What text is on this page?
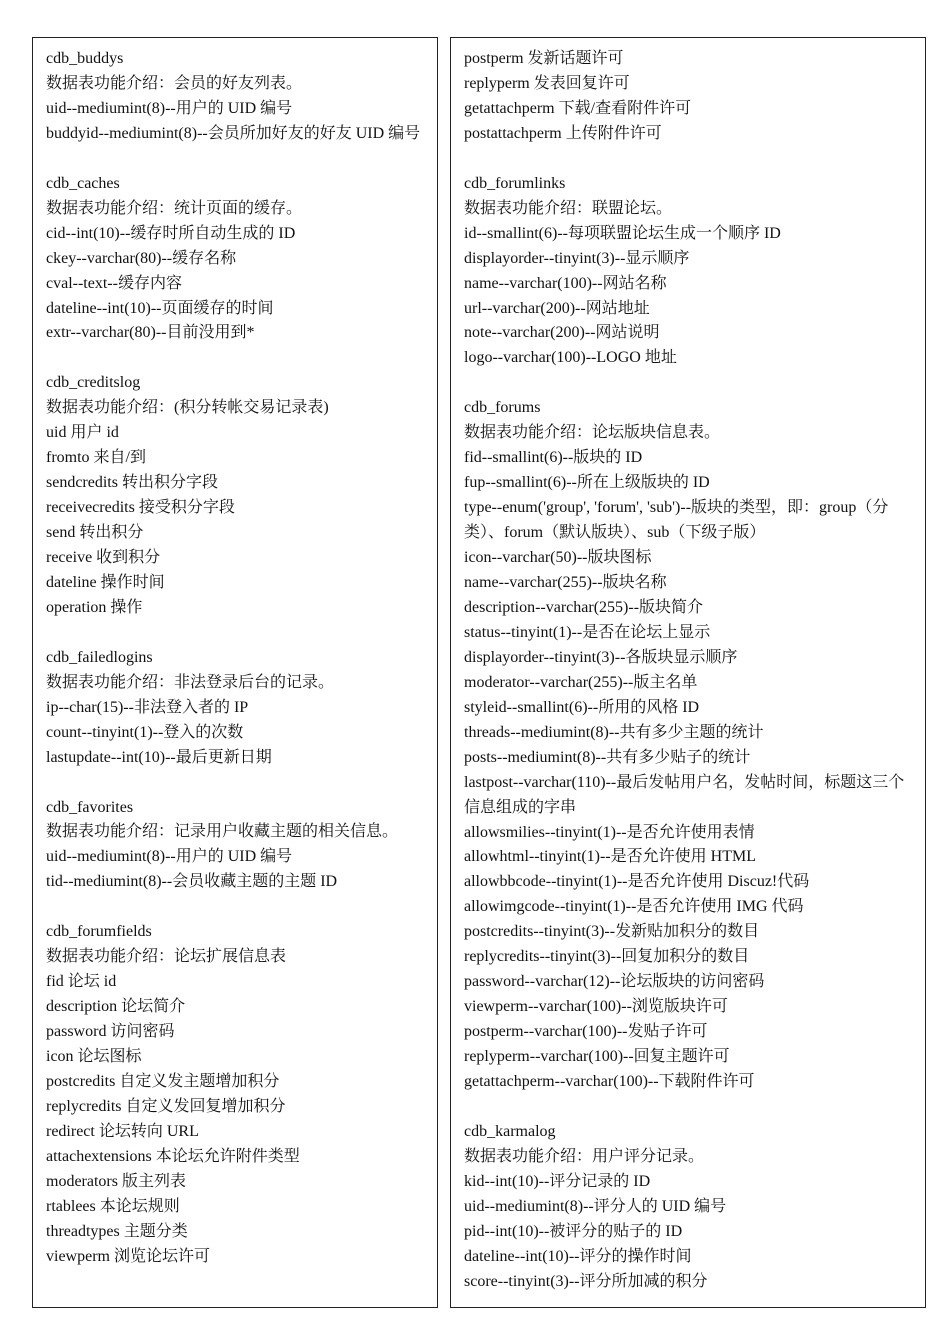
cdb_buddys
数据表功能介绍：会员的好友列表。
uid--mediumint(8)--用户的 UID 编号
buddyid--mediumint(8)--会员所加好友的好友 UID 编号
cdb_caches
数据表功能介绍：统计页面的缓存。
cid--int(10)--缓存时所自动生成的 ID
ckey--varchar(80)--缓存名称
cval--text--缓存内容
dateline--int(10)--页面缓存的时间
extr--varchar(80)--目前没用到*
cdb_creditslog
数据表功能介绍：(积分转帐交易记录表)
uid 用户 id
fromto 来自/到
sendcredits 转出积分字段
receivecredits 接受积分字段
send 转出积分
receive 收到积分
dateline 操作时间
operation 操作
cdb_failedlogins
数据表功能介绍：非法登录后台的记录。
ip--char(15)--非法登入者的 IP
count--tinyint(1)--登入的次数
lastupdate--int(10)--最后更新日期
cdb_favorites
数据表功能介绍：记录用户收藏主题的相关信息。
uid--mediumint(8)--用户的 UID 编号
tid--mediumint(8)--会员收藏主题的主题 ID
cdb_forumfields
数据表功能介绍：论坛扩展信息表
fid 论坛 id
description 论坛简介
password 访问密码
icon 论坛图标
postcredits 自定义发主题增加积分
replycredits 自定义发回复增加积分
redirect 论坛转向 URL
attachextensions 本论坛允许附件类型
moderators 版主列表
rtablees 本论坛规则
threadtypes 主题分类
viewperm 浏览论坛许可
postperm 发新话题许可
replyperm 发表回复许可
getattachperm 下载/查看附件许可
postattachperm 上传附件许可
cdb_forumlinks
数据表功能介绍：联盟论坛。
id--smallint(6)--每项联盟论坛生成一个顺序 ID
displayorder--tinyint(3)--显示顺序
name--varchar(100)--网站名称
url--varchar(200)--网站地址
note--varchar(200)--网站说明
logo--varchar(100)--LOGO 地址
cdb_forums
数据表功能介绍：论坛版块信息表。
fid--smallint(6)--版块的 ID
fup--smallint(6)--所在上级版块的 ID
type--enum('group', 'forum', 'sub')--版块的类型，即：group（分类）、forum（默认版块）、sub（下级子版）
icon--varchar(50)--版块图标
name--varchar(255)--版块名称
description--varchar(255)--版块简介
status--tinyint(1)--是否在论坛上显示
displayorder--tinyint(3)--各版块显示顺序
moderator--varchar(255)--版主名单
styleid--smallint(6)--所用的风格 ID
threads--mediumint(8)--共有多少主题的统计
posts--mediumint(8)--共有多少贴子的统计
lastpost--varchar(110)--最后发帖用户名，发帖时间，标题这三个信息组成的字串
allowsmilies--tinyint(1)--是否允许使用表情
allowhtml--tinyint(1)--是否允许使用 HTML
allowbbcode--tinyint(1)--是否允许使用 Discuz!代码
allowimgcode--tinyint(1)--是否允许使用 IMG 代码
postcredits--tinyint(3)--发新贴加积分的数目
replycredits--tinyint(3)--回复加积分的数目
password--varchar(12)--论坛版块的访问密码
viewperm--varchar(100)--浏览版块许可
postperm--varchar(100)--发贴子许可
replyperm--varchar(100)--回复主题许可
getattachperm--varchar(100)--下载附件许可
cdb_karmalog
数据表功能介绍：用户评分记录。
kid--int(10)--评分记录的 ID
uid--mediumint(8)--评分人的 UID 编号
pid--int(10)--被评分的贴子的 ID
dateline--int(10)--评分的操作时间
score--tinyint(3)--评分所加减的积分
